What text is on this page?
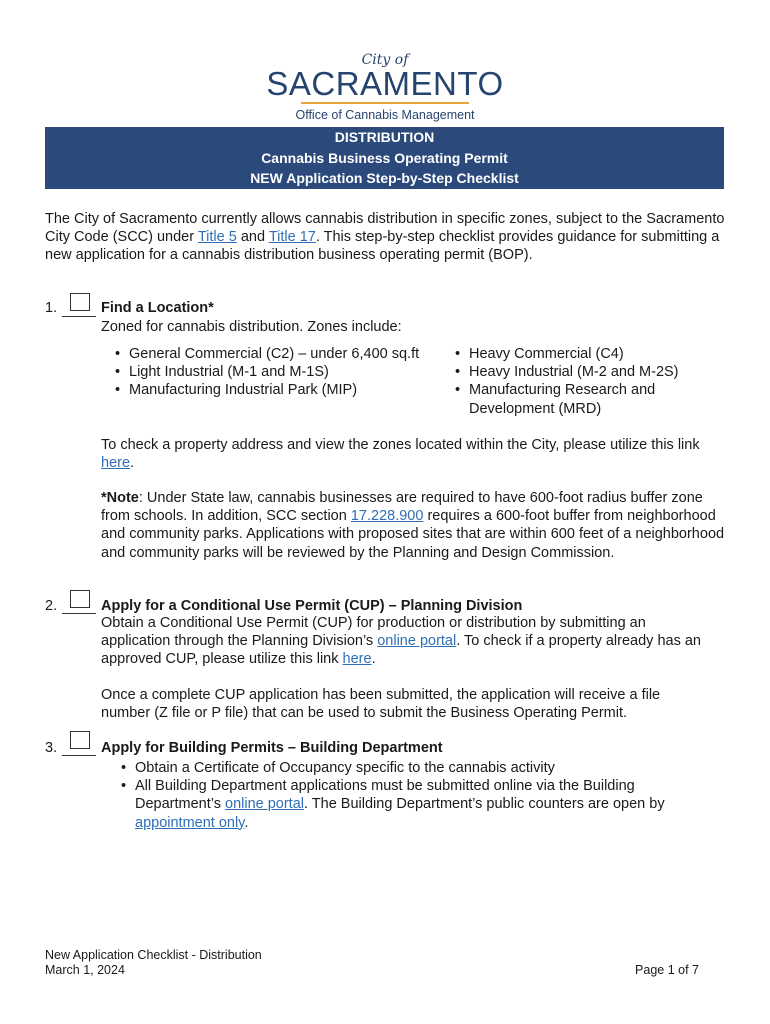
City of
SACRAMENTO
Office of Cannabis Management
DISTRIBUTION
Cannabis Business Operating Permit
NEW Application Step-by-Step Checklist
The City of Sacramento currently allows cannabis distribution in specific zones, subject to the Sacramento City Code (SCC) under Title 5 and Title 17. This step-by-step checklist provides guidance for submitting a new application for a cannabis distribution business operating permit (BOP).
1.	Find a Location*
Zoned for cannabis distribution. Zones include:
• General Commercial (C2) – under 6,400 sq.ft
• Light Industrial (M-1 and M-1S)
• Manufacturing Industrial Park (MIP)
• Heavy Commercial (C4)
• Heavy Industrial (M-2 and M-2S)
• Manufacturing Research and Development (MRD)
To check a property address and view the zones located within the City, please utilize this link here.
*Note: Under State law, cannabis businesses are required to have 600-foot radius buffer zone from schools. In addition, SCC section 17.228.900 requires a 600-foot buffer from neighborhood and community parks. Applications with proposed sites that are within 600 feet of a neighborhood and community parks will be reviewed by the Planning and Design Commission.
2.	Apply for a Conditional Use Permit (CUP) – Planning Division
Obtain a Conditional Use Permit (CUP) for production or distribution by submitting an application through the Planning Division’s online portal. To check if a property already has an approved CUP, please utilize this link here.
Once a complete CUP application has been submitted, the application will receive a file number (Z file or P file) that can be used to submit the Business Operating Permit.
3.	Apply for Building Permits – Building Department
• Obtain a Certificate of Occupancy specific to the cannabis activity
• All Building Department applications must be submitted online via the Building Department’s online portal. The Building Department’s public counters are open by appointment only.
New Application Checklist - Distribution
March 1, 2024	Page 1 of 7
